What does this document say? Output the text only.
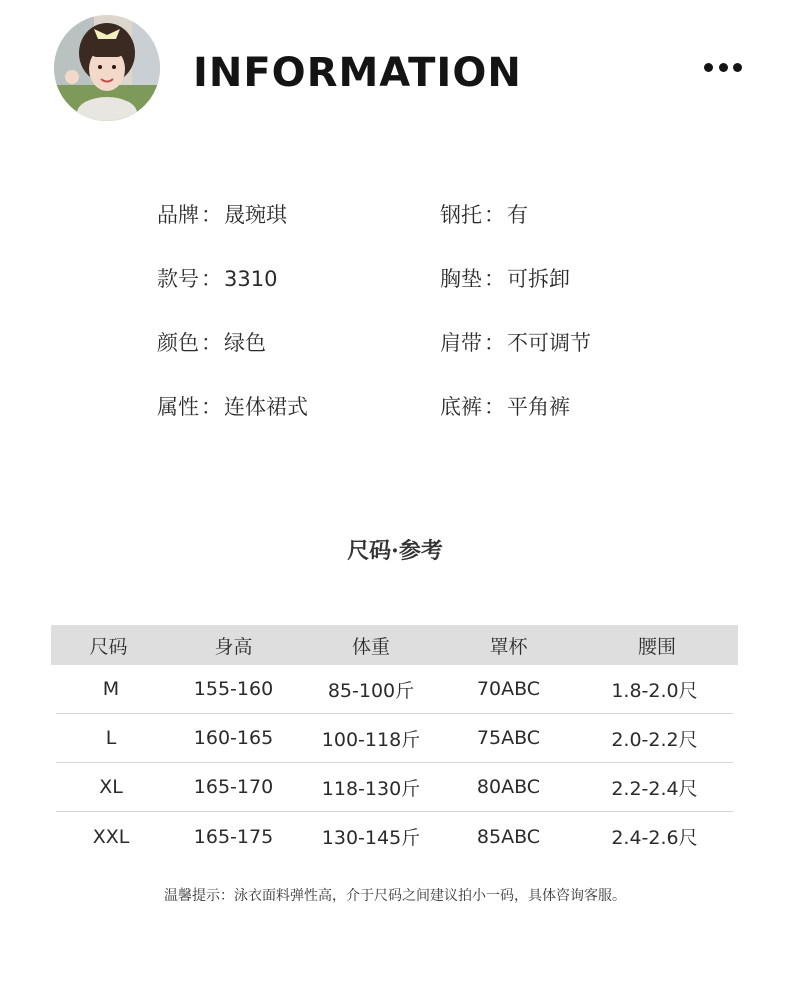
INFORMATION
品牌：晟琬琪
款号：3310
颜色：绿色
属性：连体裙式
钢托：有
胸垫：可拆卸
肩带：不可调节
底裤：平角裤
尺码·参考
尺码	身高	体重	罩杯	腰围
M	155-160	85-100斤	70ABC	1.8-2.0尺
L	160-165	100-118斤	75ABC	2.0-2.2尺
XL	165-170	118-130斤	80ABC	2.2-2.4尺
XXL	165-175	130-145斤	85ABC	2.4-2.6尺
温馨提示：泳衣面料弹性高，介于尺码之间建议拍小一码，具体咨询客服。
